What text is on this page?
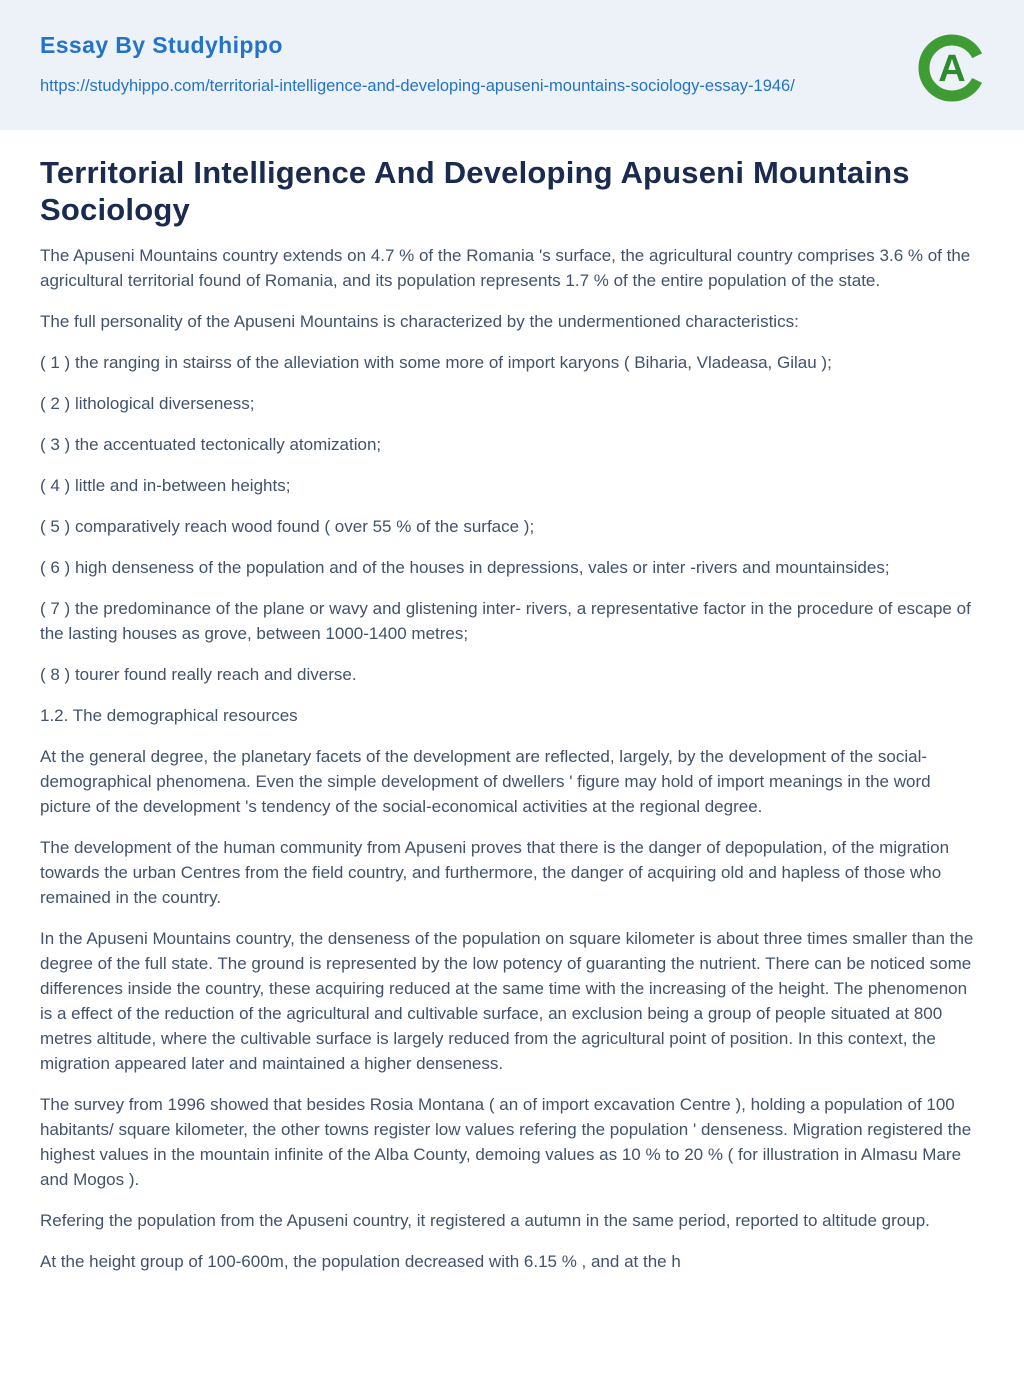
Essay By Studyhippo
https://studyhippo.com/territorial-intelligence-and-developing-apuseni-mountains-sociology-essay-1946/	A
Territorial Intelligence And Developing Apuseni Mountains Sociology

The Apuseni Mountains country extends on 4.7 % of the Romania 's surface, the agricultural country comprises 3.6 % of the agricultural territorial found of Romania, and its population represents 1.7 % of the entire population of the state.

The full personality of the Apuseni Mountains is characterized by the undermentioned characteristics:

( 1 ) the ranging in stairss of the alleviation with some more of import karyons ( Biharia, Vladeasa, Gilau );

( 2 ) lithological diverseness;

( 3 ) the accentuated tectonically atomization;

( 4 ) little and in-between heights;

( 5 ) comparatively reach wood found ( over 55 % of the surface );

( 6 ) high denseness of the population and of the houses in depressions, vales or inter -rivers and mountainsides;

( 7 ) the predominance of the plane or wavy and glistening inter- rivers, a representative factor in the procedure of escape of the lasting houses as grove, between 1000-1400 metres;

( 8 ) tourer found really reach and diverse.

1.2. The demographical resources

At the general degree, the planetary facets of the development are reflected, largely, by the development of the social-demographical phenomena. Even the simple development of dwellers ' figure may hold of import meanings in the word picture of the development 's tendency of the social-economical activities at the regional degree.

The development of the human community from Apuseni proves that there is the danger of depopulation, of the migration towards the urban Centres from the field country, and furthermore, the danger of acquiring old and hapless of those who remained in the country.

In the Apuseni Mountains country, the denseness of the population on square kilometer is about three times smaller than the degree of the full state. The ground is represented by the low potency of guaranting the nutrient. There can be noticed some differences inside the country, these acquiring reduced at the same time with the increasing of the height. The phenomenon is a effect of the reduction of the agricultural and cultivable surface, an exclusion being a group of people situated at 800 metres altitude, where the cultivable surface is largely reduced from the agricultural point of position. In this context, the migration appeared later and maintained a higher denseness.

The survey from 1996 showed that besides Rosia Montana ( an of import excavation Centre ), holding a population of 100 habitants/ square kilometer, the other towns register low values refering the population ' denseness. Migration registered the highest values in the mountain infinite of the Alba County, demoing values as 10 % to 20 % ( for illustration in Almasu Mare and Mogos ).

Refering the population from the Apuseni country, it registered a autumn in the same period, reported to altitude group.

At the height group of 100-600m, the population decreased with 6.15 % , and at the h
